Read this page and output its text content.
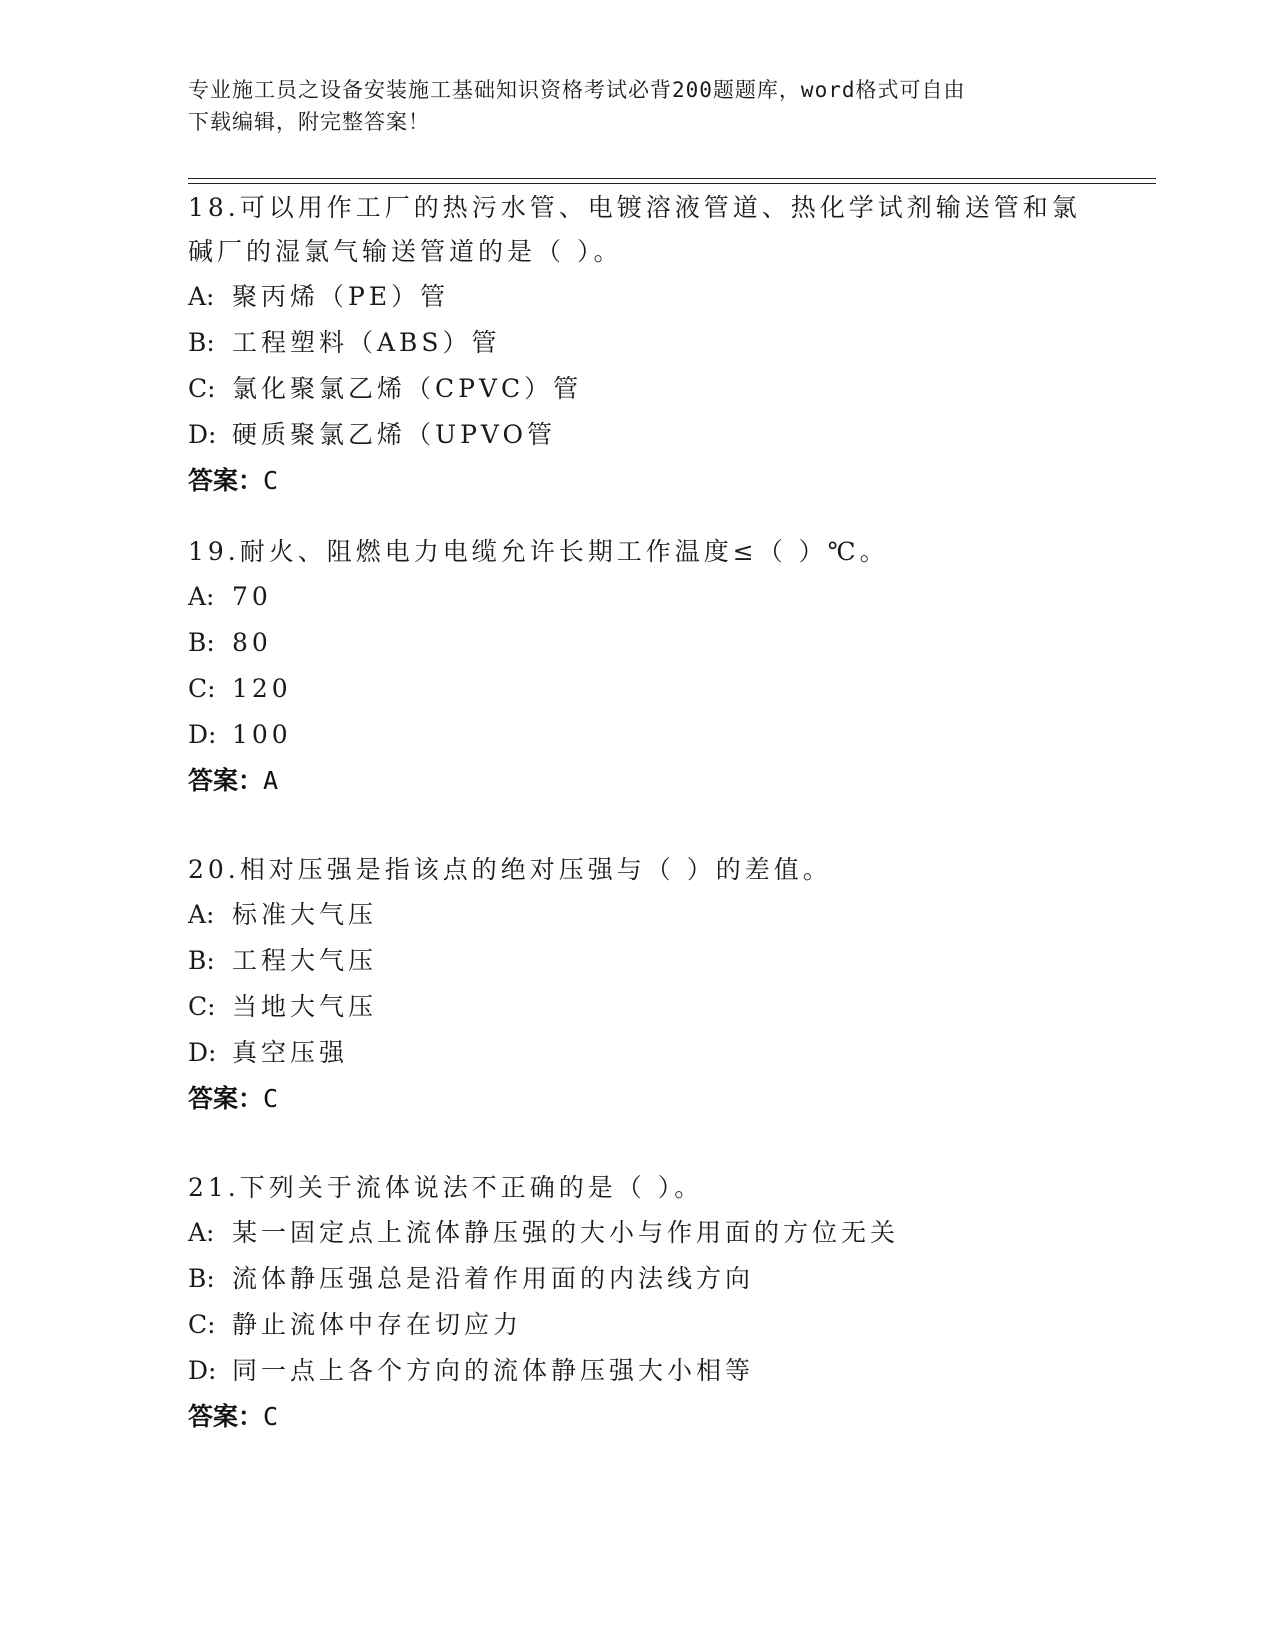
专业施工员之设备安装施工基础知识资格考试必背200题题库，word格式可自由
下载编辑，附完整答案！
18.可以用作工厂的热污水管、电镀溶液管道、热化学试剂输送管和氯
碱厂的湿氯气输送管道的是（ ）。
A: 聚丙烯（PE）管
B: 工程塑料（ABS）管
C: 氯化聚氯乙烯（CPVC）管
D: 硬质聚氯乙烯（UPVO管
答案：C
19.耐火、阻燃电力电缆允许长期工作温度≤（ ）℃。
A: 70
B: 80
C: 120
D: 100
答案：A
20.相对压强是指该点的绝对压强与（ ）的差值。
A: 标准大气压
B: 工程大气压
C: 当地大气压
D: 真空压强
答案：C
21.下列关于流体说法不正确的是（ ）。
A: 某一固定点上流体静压强的大小与作用面的方位无关
B: 流体静压强总是沿着作用面的内法线方向
C: 静止流体中存在切应力
D: 同一点上各个方向的流体静压强大小相等
答案：C
